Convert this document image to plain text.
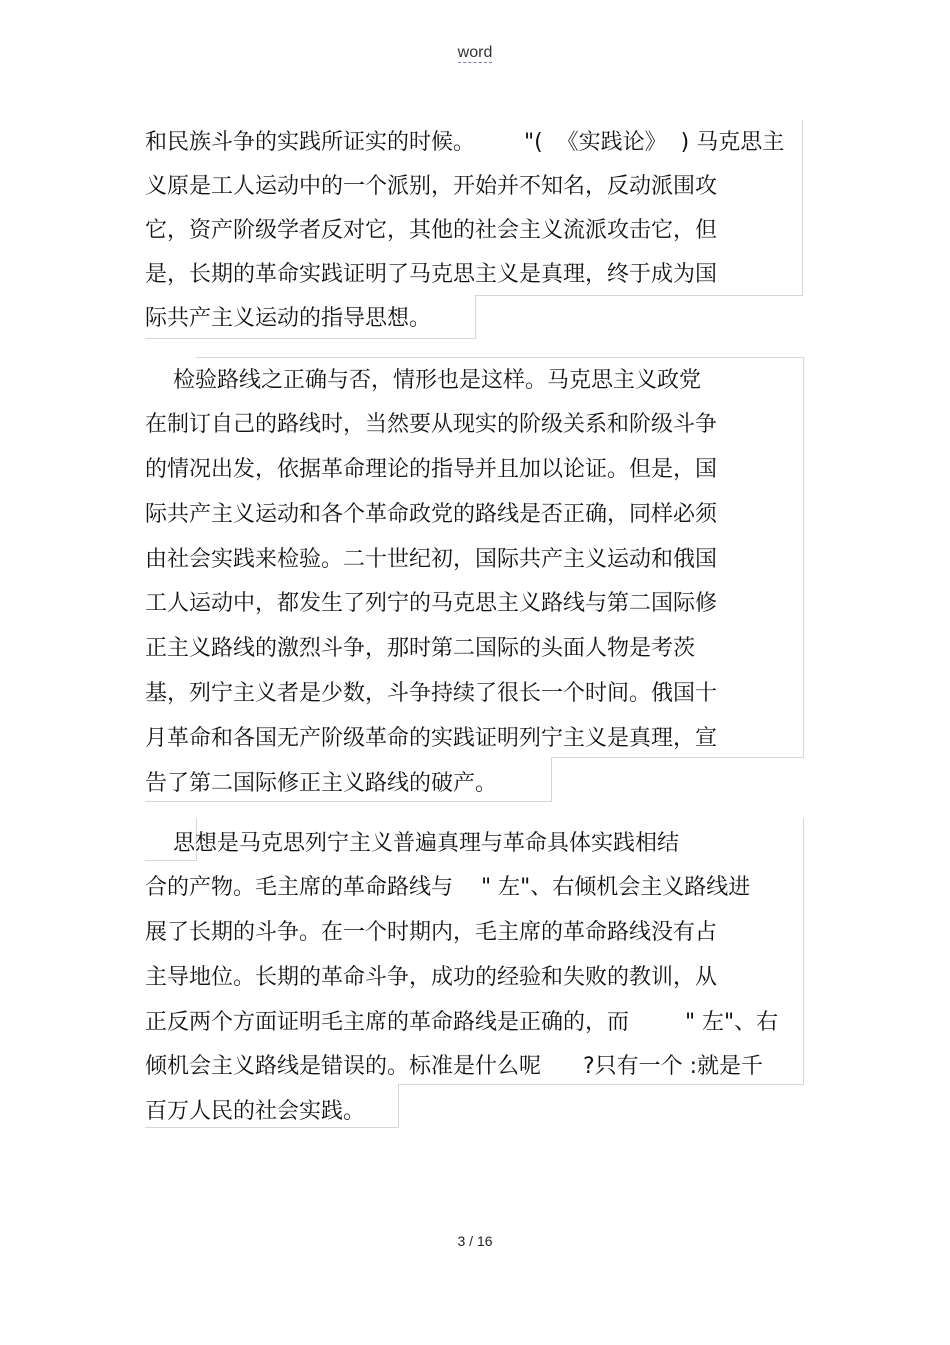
word
和民族斗争的实践所证实的时候。       "(  《实践论》  ) 马克思主
义原是工人运动中的一个派别，开始并不知名，反动派围攻
它，资产阶级学者反对它，其他的社会主义流派攻击它，但
是，长期的革命实践证明了马克思主义是真理，终于成为国
际共产主义运动的指导思想。
检验路线之正确与否，情形也是这样。马克思主义政党
在制订自己的路线时，当然要从现实的阶级关系和阶级斗争
的情况出发，依据革命理论的指导并且加以论证。但是，国
际共产主义运动和各个革命政党的路线是否正确，同样必须
由社会实践来检验。二十世纪初，国际共产主义运动和俄国
工人运动中，都发生了列宁的马克思主义路线与第二国际修
正主义路线的激烈斗争，那时第二国际的头面人物是考茨
基，列宁主义者是少数，斗争持续了很长一个时间。俄国十
月革命和各国无产阶级革命的实践证明列宁主义是真理，宣
告了第二国际修正主义路线的破产。
思想是马克思列宁主义普遍真理与革命具体实践相结
合的产物。毛主席的革命路线与    " 左"、右倾机会主义路线进
展了长期的斗争。在一个时期内，毛主席的革命路线没有占
主导地位。长期的革命斗争，成功的经验和失败的教训，从
正反两个方面证明毛主席的革命路线是正确的，而        " 左"、右
倾机会主义路线是错误的。标准是什么呢      ?只有一个 :就是千
百万人民的社会实践。
3 / 16
